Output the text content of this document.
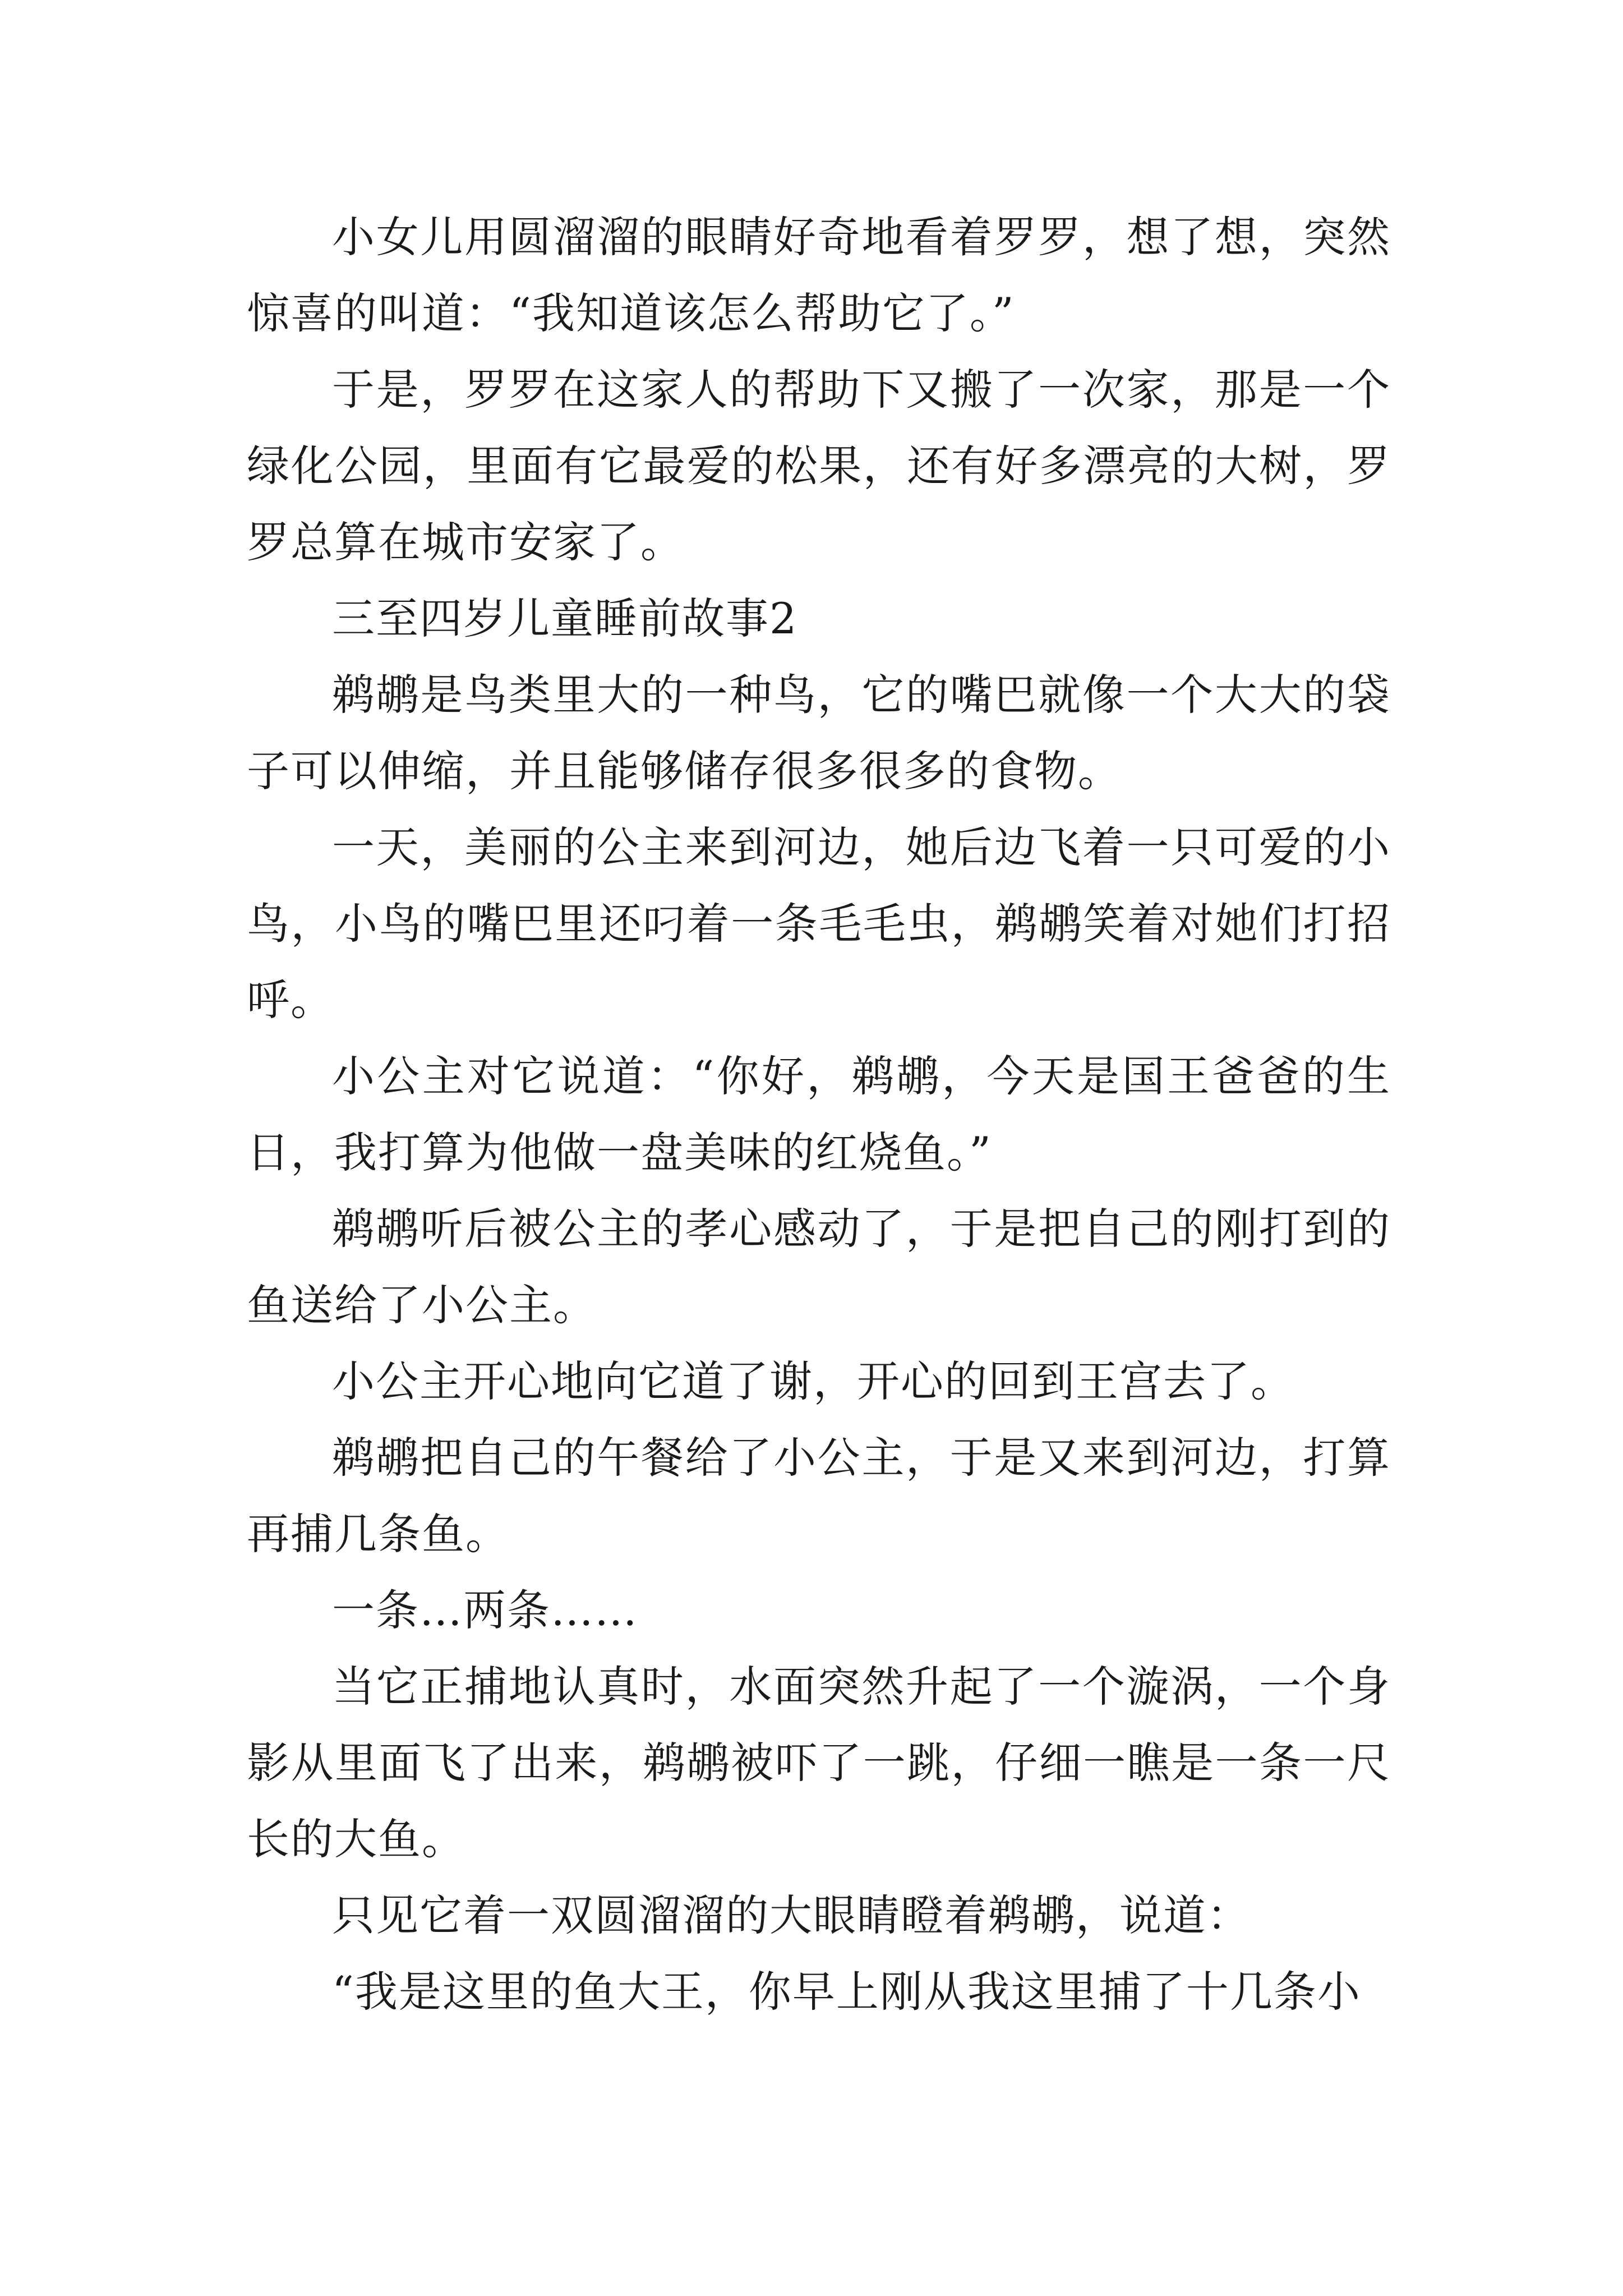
小女儿用圆溜溜的眼睛好奇地看着罗罗，想了想，突然惊喜的叫道：“我知道该怎么帮助它了。”

于是，罗罗在这家人的帮助下又搬了一次家，那是一个绿化公园，里面有它最爱的松果，还有好多漂亮的大树，罗罗总算在城市安家了。

三至四岁儿童睡前故事2

鹈鹕是鸟类里大的一种鸟，它的嘴巴就像一个大大的袋子可以伸缩，并且能够储存很多很多的食物。

一天，美丽的公主来到河边，她后边飞着一只可爱的小鸟，小鸟的嘴巴里还叼着一条毛毛虫，鹈鹕笑着对她们打招呼。

小公主对它说道：“你好，鹈鹕，今天是国王爸爸的生日，我打算为他做一盘美味的红烧鱼。”

鹈鹕听后被公主的孝心感动了，于是把自己的刚打到的鱼送给了小公主。

小公主开心地向它道了谢，开心的回到王宫去了。

鹈鹕把自己的午餐给了小公主，于是又来到河边，打算再捕几条鱼。

一条…两条……

当它正捕地认真时，水面突然升起了一个漩涡，一个身影从里面飞了出来，鹈鹕被吓了一跳，仔细一瞧是一条一尺长的大鱼。

只见它着一双圆溜溜的大眼睛瞪着鹈鹕，说道：

“我是这里的鱼大王，你早上刚从我这里捕了十几条小
